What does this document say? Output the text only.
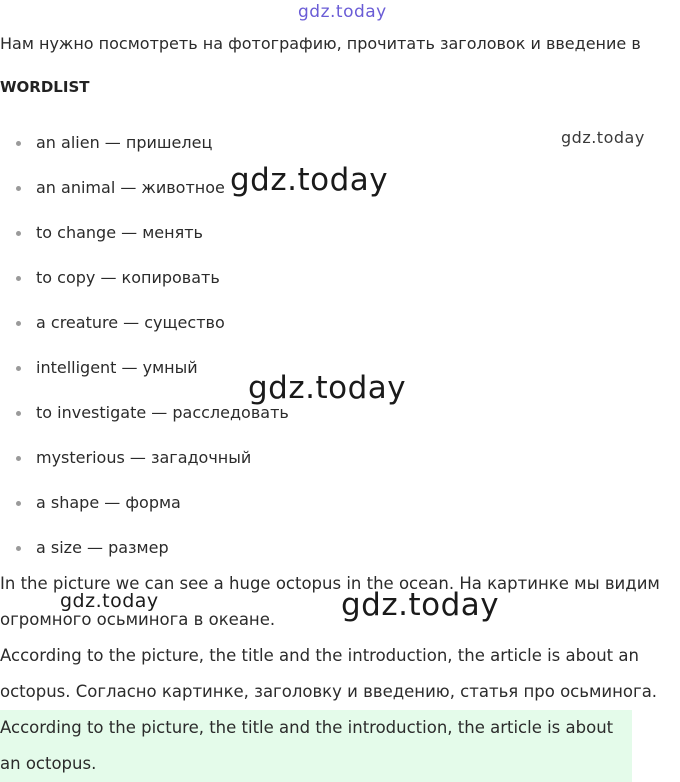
gdz.today
Нам нужно посмотреть на фотографию, прочитать заголовок и введение в
WORDLIST
an alien — пришелец
an animal — животное
to change — менять
to copy — копировать
a creature — существо
intelligent — умный
to investigate — расследовать
mysterious — загадочный
a shape — форма
a size — размер

In the picture we can see a huge octopus in the ocean. На картинке мы видим огромного осьминога в океане.

According to the picture, the title and the introduction, the article is about an octopus. Согласно картинке, заголовку и введению, статья про осьминога.

According to the picture, the title and the introduction, the article is about an octopus.
gdz.today
gdz.today
gdz.today
gdz.today	gdz.today
